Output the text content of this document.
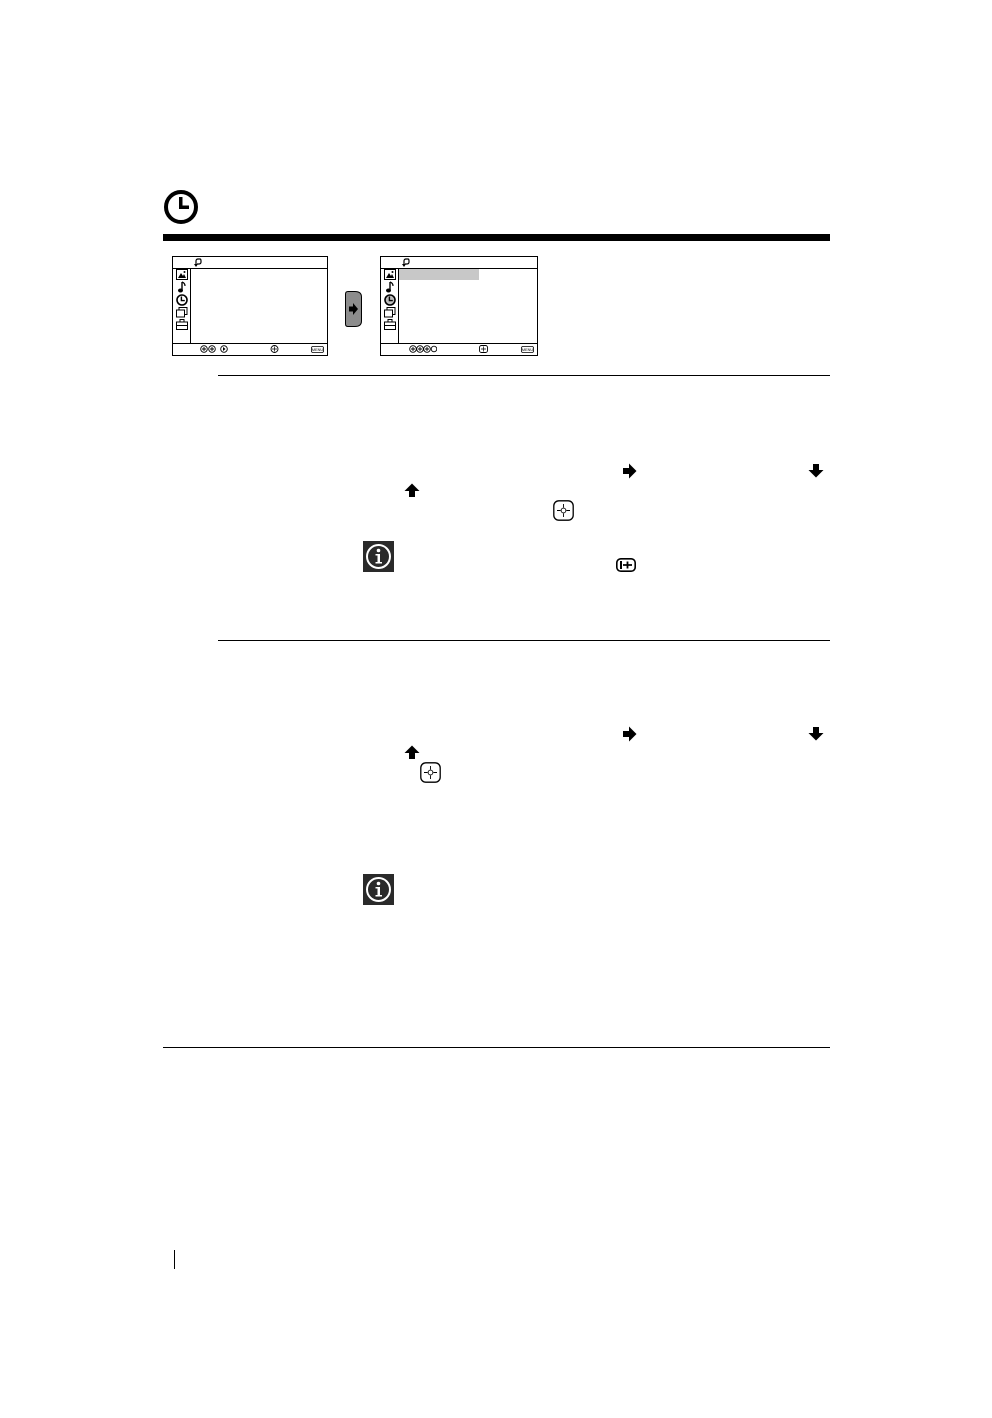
MENU	MENU
